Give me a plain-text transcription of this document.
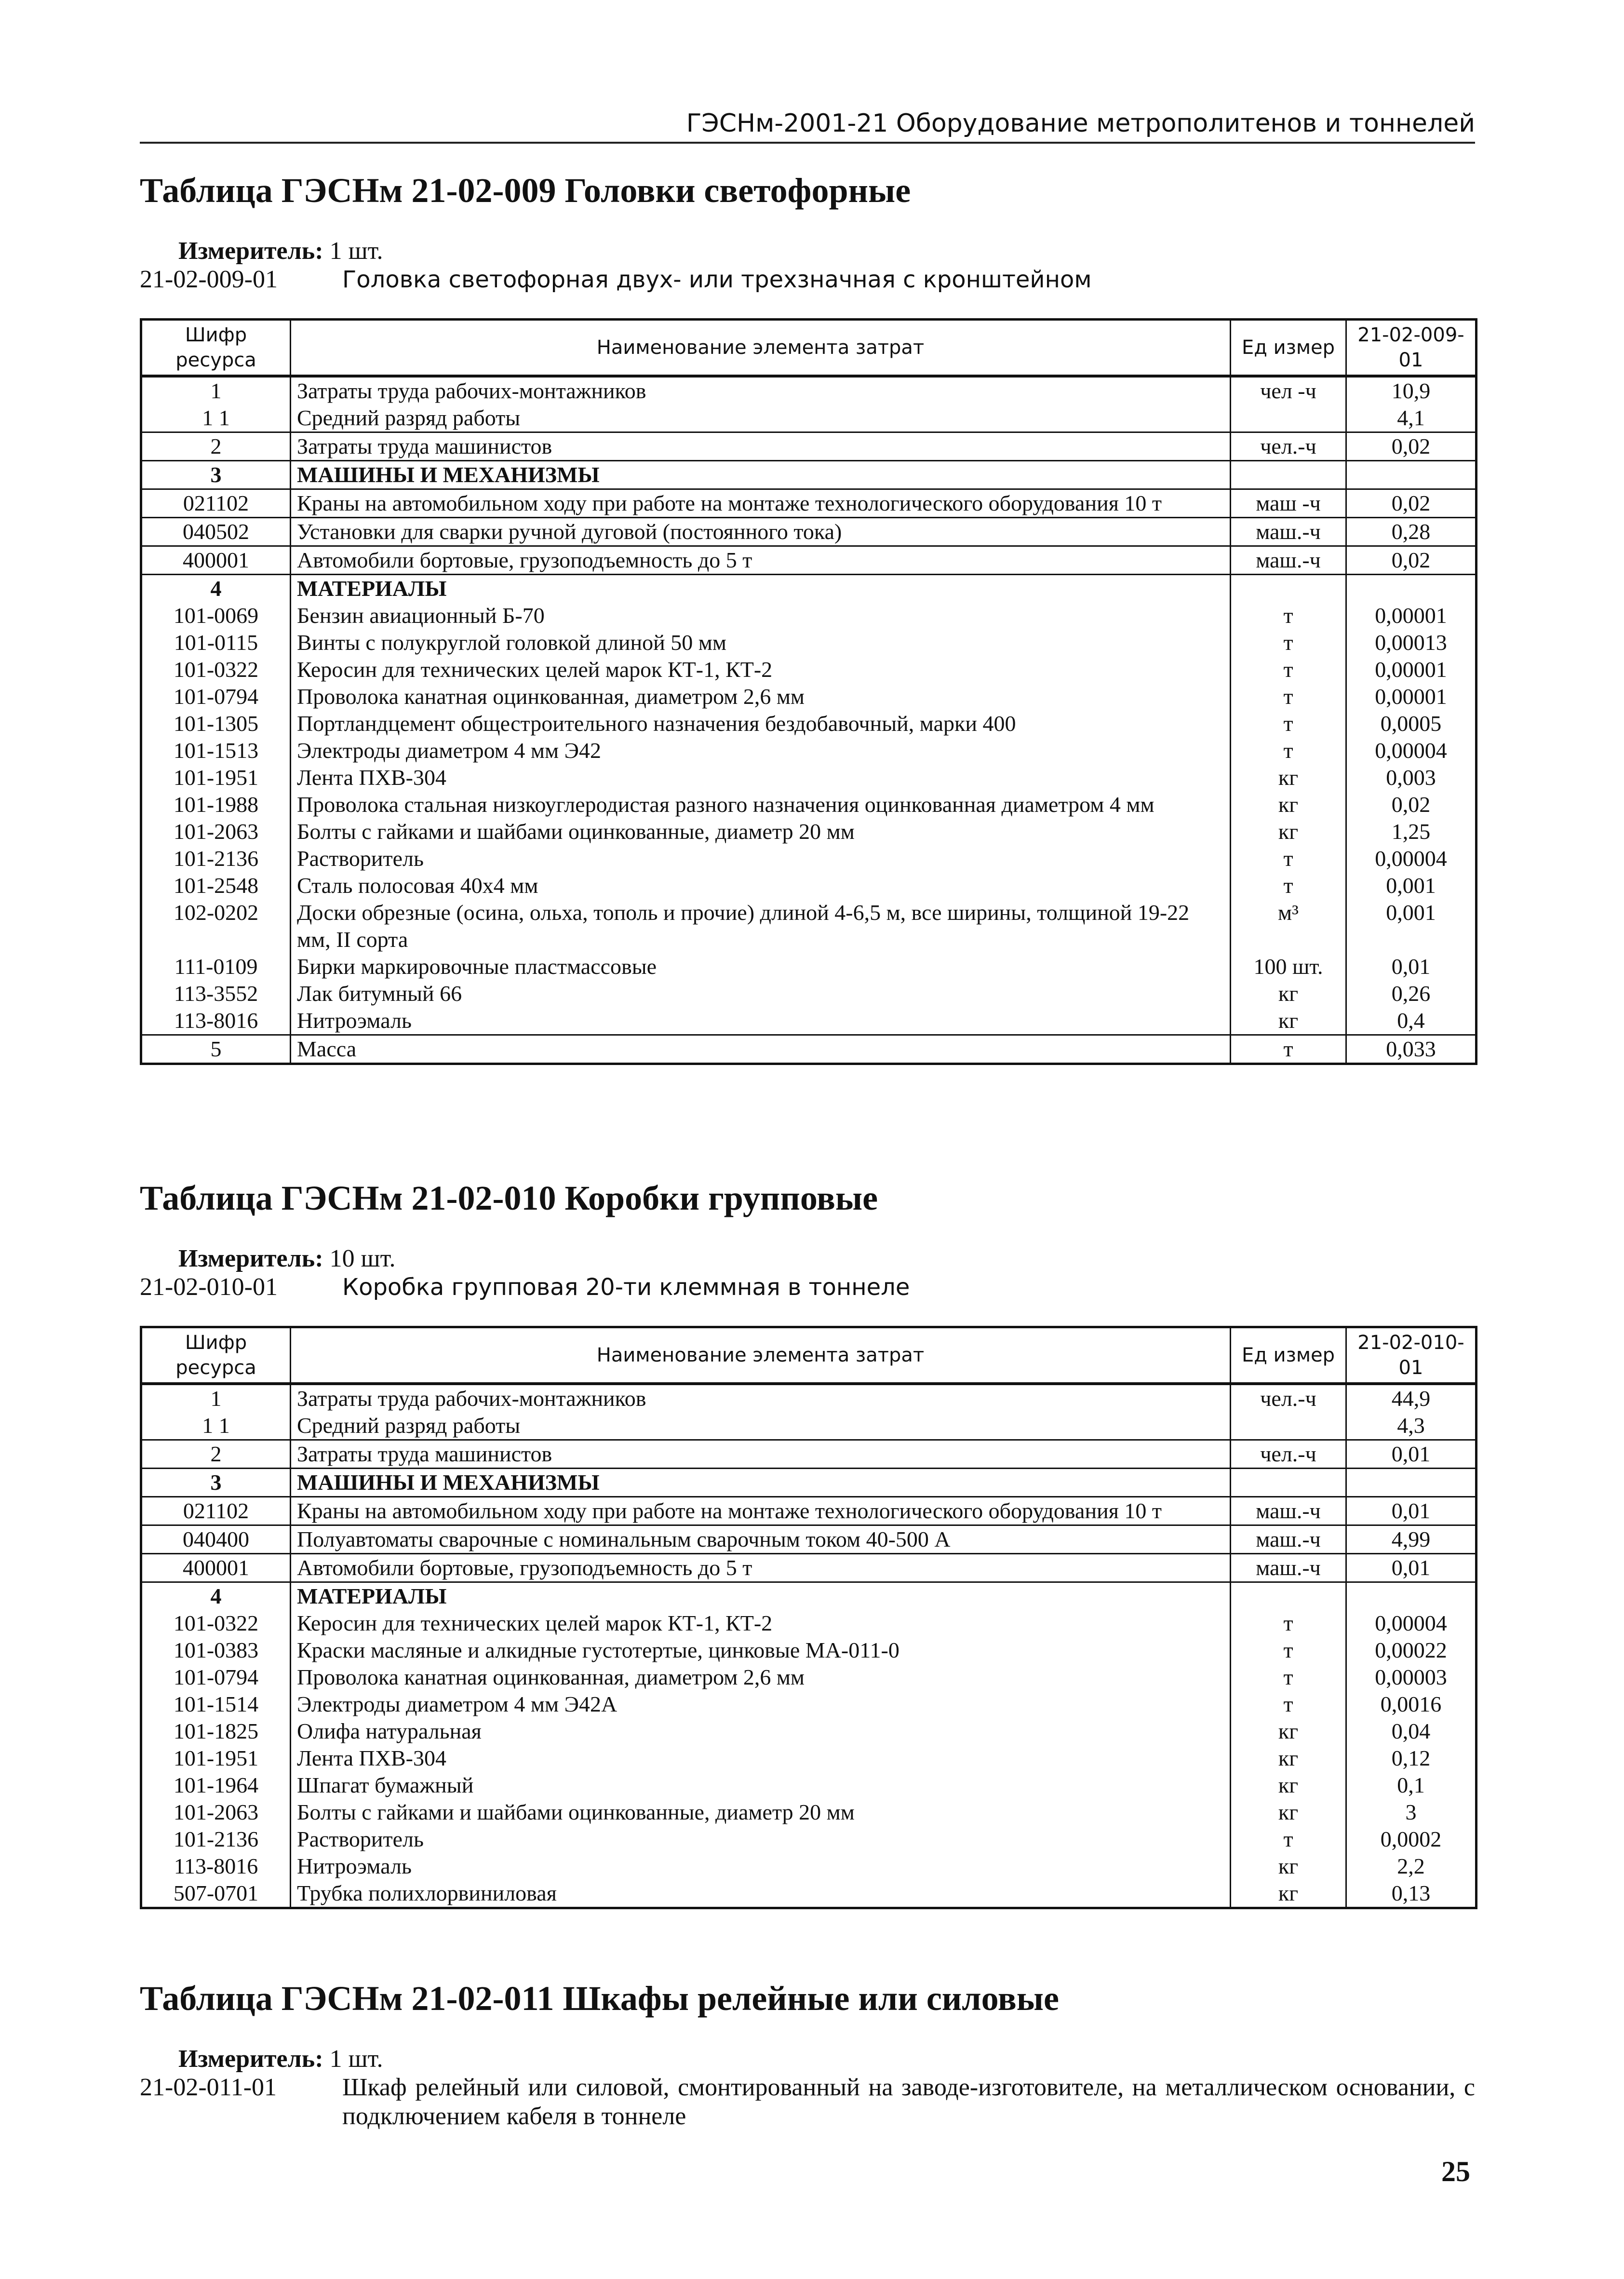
ГЭСНм-2001-21 Оборудование метрополитенов и тоннелей
Таблица ГЭСНм 21-02-009 Головки светофорные
Измеритель: 1 шт.
21-02-009-01	Головка светофорная двух- или трехзначная с кронштейном
Шифр ресурса	Наименование элемента затрат	Ед измер	21-02-009-01
1	Затраты труда рабочих-монтажников	чел -ч	10,9
1 1	Средний разряд работы		4,1
2	Затраты труда машинистов	чел.-ч	0,02
3	МАШИНЫ И МЕХАНИЗМЫ		
021102	Краны на автомобильном ходу при работе на монтаже технологического оборудования 10 т	маш -ч	0,02
040502	Установки для сварки ручной дуговой (постоянного тока)	маш.-ч	0,28
400001	Автомобили бортовые, грузоподъемность до 5 т	маш.-ч	0,02
4	МАТЕРИАЛЫ		
101-0069	Бензин авиационный Б-70	т	0,00001
101-0115	Винты с полукруглой головкой длиной 50 мм	т	0,00013
101-0322	Керосин для технических целей марок КТ-1, КТ-2	т	0,00001
101-0794	Проволока канатная оцинкованная, диаметром 2,6 мм	т	0,00001
101-1305	Портландцемент общестроительного назначения бездобавочный, марки 400	т	0,0005
101-1513	Электроды диаметром 4 мм Э42	т	0,00004
101-1951	Лента ПХВ-304	кг	0,003
101-1988	Проволока стальная низкоуглеродистая разного назначения оцинкованная диаметром 4 мм	кг	0,02
101-2063	Болты с гайками и шайбами оцинкованные, диаметр 20 мм	кг	1,25
101-2136	Растворитель	т	0,00004
101-2548	Сталь полосовая 40х4 мм	т	0,001
102-0202	Доски обрезные (осина, ольха, тополь и прочие) длиной 4-6,5 м, все ширины, толщиной 19-22 мм, II сорта	м³	0,001
111-0109	Бирки маркировочные пластмассовые	100 шт.	0,01
113-3552	Лак битумный 66	кг	0,26
113-8016	Нитроэмаль	кг	0,4
5	Масса	т	0,033
Таблица ГЭСНм 21-02-010 Коробки групповые
Измеритель: 10 шт.
21-02-010-01	Коробка групповая 20-ти клеммная в тоннеле
Шифр ресурса	Наименование элемента затрат	Ед измер	21-02-010-01
1	Затраты труда рабочих-монтажников	чел.-ч	44,9
1 1	Средний разряд работы		4,3
2	Затраты труда машинистов	чел.-ч	0,01
3	МАШИНЫ И МЕХАНИЗМЫ		
021102	Краны на автомобильном ходу при работе на монтаже технологического оборудования 10 т	маш.-ч	0,01
040400	Полуавтоматы сварочные с номинальным сварочным током 40-500 А	маш.-ч	4,99
400001	Автомобили бортовые, грузоподъемность до 5 т	маш.-ч	0,01
4	МАТЕРИАЛЫ		
101-0322	Керосин для технических целей марок КТ-1, КТ-2	т	0,00004
101-0383	Краски масляные и алкидные густотертые, цинковые МА-011-0	т	0,00022
101-0794	Проволока канатная оцинкованная, диаметром 2,6 мм	т	0,00003
101-1514	Электроды диаметром 4 мм Э42А	т	0,0016
101-1825	Олифа натуральная	кг	0,04
101-1951	Лента ПХВ-304	кг	0,12
101-1964	Шпагат бумажный	кг	0,1
101-2063	Болты с гайками и шайбами оцинкованные, диаметр 20 мм	кг	3
101-2136	Растворитель	т	0,0002
113-8016	Нитроэмаль	кг	2,2
507-0701	Трубка полихлорвиниловая	кг	0,13
Таблица ГЭСНм 21-02-011 Шкафы релейные или силовые
Измеритель: 1 шт.
21-02-011-01	Шкаф релейный или силовой, смонтированный на заводе-изготовителе, на металлическом основании, с подключением кабеля в тоннеле
25
